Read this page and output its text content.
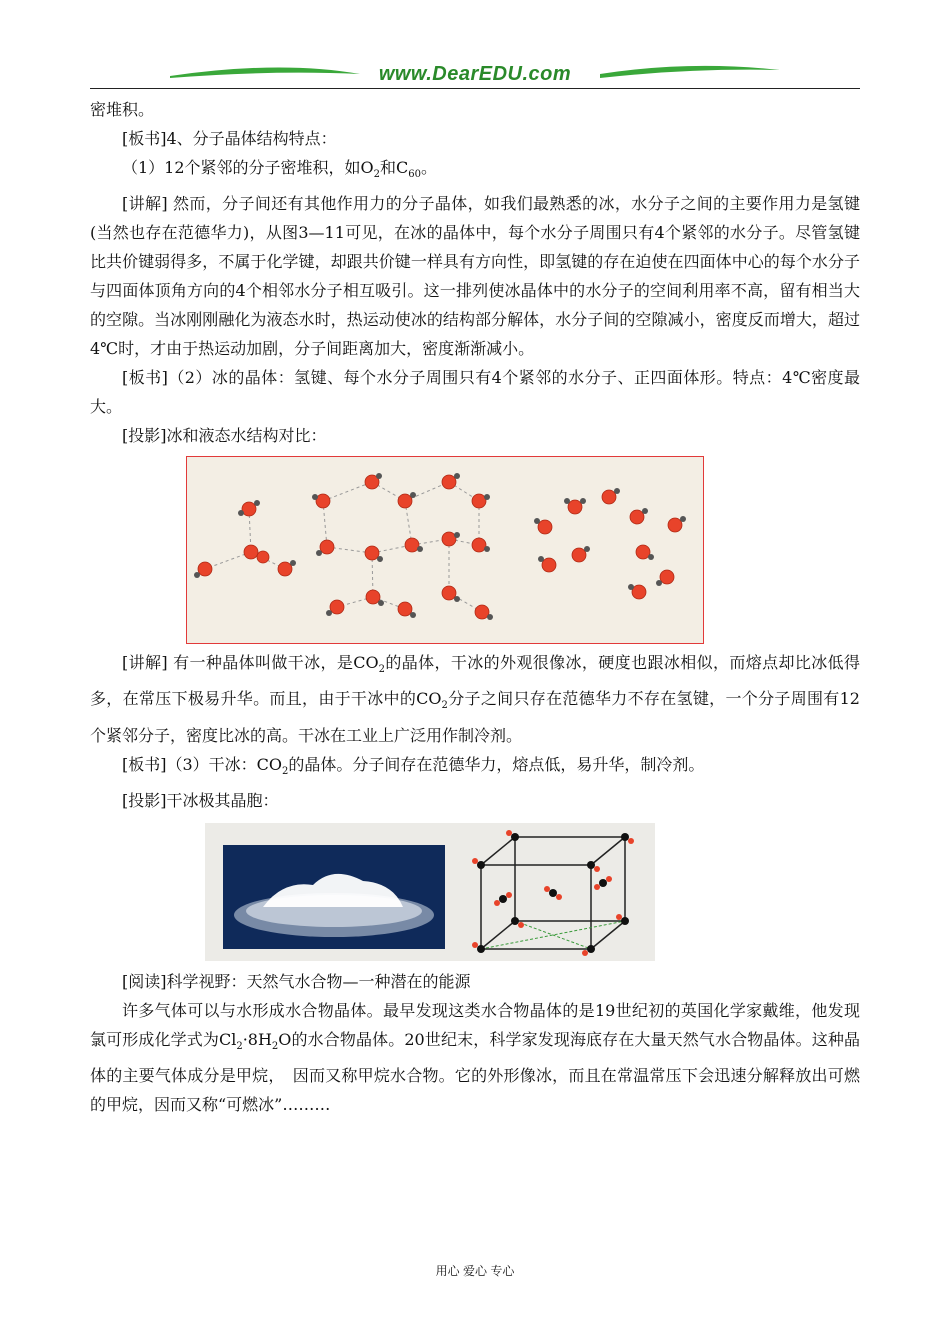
www.DearEDU.com

密堆积。

[板书]4、分子晶体结构特点：

（1）12个紧邻的分子密堆积，如$O_2$和$C_{60}$。

[讲解] 然而，分子间还有其他作用力的分子晶体，如我们最熟悉的冰，水分子之间的主要作用力是氢键(当然也存在范德华力)，从图3—11可见，在冰的晶体中，每个水分子周围只有4个紧邻的水分子。尽管氢键比共价键弱得多，不属于化学键，却跟共价键一样具有方向性，即氢键的存在迫使在四面体中心的每个水分子与四面体顶角方向的4个相邻水分子相互吸引。这一排列使冰晶体中的水分子的空间利用率不高，留有相当大的空隙。当冰刚刚融化为液态水时，热运动使冰的结构部分解体，水分子间的空隙减小，密度反而增大，超过4℃时，才由于热运动加剧，分子间距离加大，密度渐渐减小。

[板书]（2）冰的晶体：氢键、每个水分子周围只有4个紧邻的水分子、正四面体形。特点：4℃密度最大。

[投影]冰和液态水结构对比：

[讲解] 有一种晶体叫做干冰，是$CO_2$的晶体，干冰的外观很像冰，硬度也跟冰相似，而熔点却比冰低得多，在常压下极易升华。而且，由于干冰中的$CO_2$分子之间只存在范德华力不存在氢键，一个分子周围有12个紧邻分子，密度比冰的高。干冰在工业上广泛用作制冷剂。

[板书]（3）干冰：$CO_2$的晶体。分子间存在范德华力，熔点低，易升华，制冷剂。

[投影]干冰极其晶胞：

[阅读]科学视野：天然气水合物—一种潜在的能源

许多气体可以与水形成水合物晶体。最早发现这类水合物晶体的是19世纪初的英国化学家戴维，他发现氯可形成化学式为$Cl_2\cdot 8H_2O$的水合物晶体。20世纪末，科学家发现海底存在大量天然气水合物晶体。这种晶体的主要气体成分是甲烷，　因而又称甲烷水合物。它的外形像冰，而且在常温常压下会迅速分解释放出可燃的甲烷，因而又称“可燃冰”………

用心 爱心 专心
